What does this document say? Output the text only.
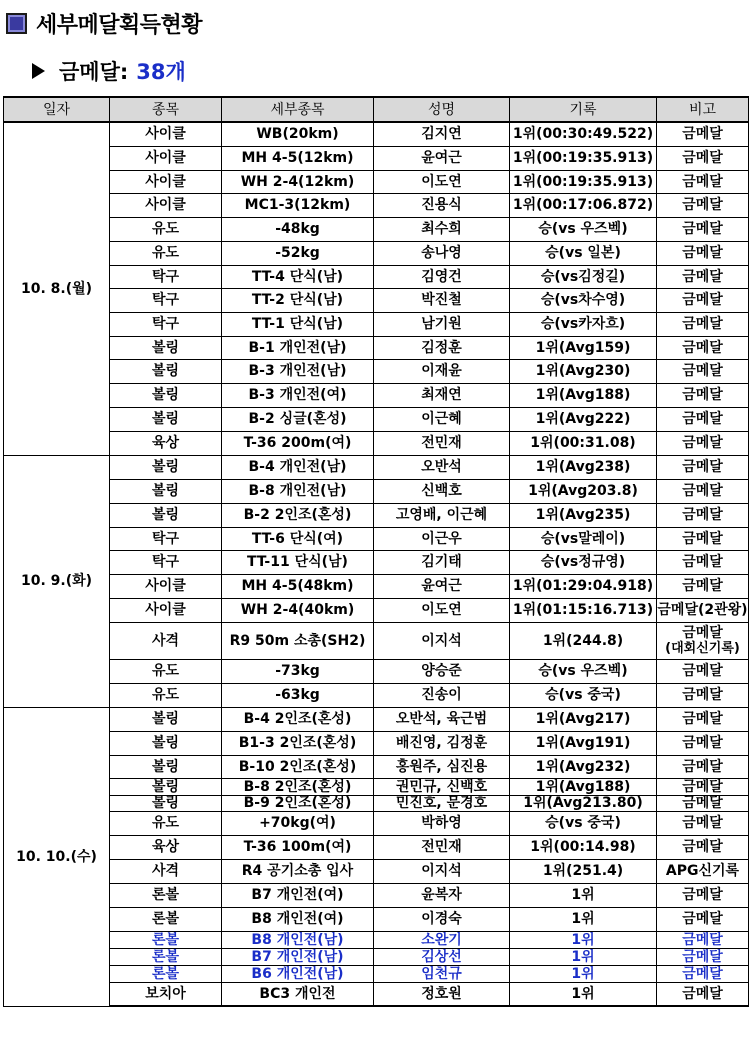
세부메달획득현황
금메달: 38개
일자	종목	세부종목	성명	기록	비고
10. 8.(월)	사이클	WB(20km)	김지연	1위(00:30:49.522)	금메달
	사이클	MH 4-5(12km)	윤여근	1위(00:19:35.913)	금메달
	사이클	WH 2-4(12km)	이도연	1위(00:19:35.913)	금메달
	사이클	MC1-3(12km)	진용식	1위(00:17:06.872)	금메달
	유도	-48kg	최수희	승(vs 우즈벡)	금메달
	유도	-52kg	송나영	승(vs 일본)	금메달
	탁구	TT-4 단식(남)	김영건	승(vs김정길)	금메달
	탁구	TT-2 단식(남)	박진철	승(vs차수영)	금메달
	탁구	TT-1 단식(남)	남기원	승(vs카자흐)	금메달
	볼링	B-1 개인전(남)	김정훈	1위(Avg159)	금메달
	볼링	B-3 개인전(남)	이재윤	1위(Avg230)	금메달
	볼링	B-3 개인전(여)	최재연	1위(Avg188)	금메달
	볼링	B-2 싱글(혼성)	이근혜	1위(Avg222)	금메달
	육상	T-36 200m(여)	전민재	1위(00:31.08)	금메달
10. 9.(화)	볼링	B-4 개인전(남)	오반석	1위(Avg238)	금메달
	볼링	B-8 개인전(남)	신백호	1위(Avg203.8)	금메달
	볼링	B-2 2인조(혼성)	고영배, 이근혜	1위(Avg235)	금메달
	탁구	TT-6 단식(여)	이근우	승(vs말레이)	금메달
	탁구	TT-11 단식(남)	김기태	승(vs정규영)	금메달
	사이클	MH 4-5(48km)	윤여근	1위(01:29:04.918)	금메달
	사이클	WH 2-4(40km)	이도연	1위(01:15:16.713)	금메달(2관왕)
	사격	R9 50m 소총(SH2)	이지석	1위(244.8)	금메달
(대회신기록)

	유도	-73kg	양승준	승(vs 우즈벡)	금메달
	유도	-63kg	진송이	승(vs 중국)	금메달
10. 10.(수)	볼링	B-4 2인조(혼성)	오반석, 육근범	1위(Avg217)	금메달
	볼링	B1-3 2인조(혼성)	배진영, 김정훈	1위(Avg191)	금메달
	볼링	B-10 2인조(혼성)	홍원주, 심진용	1위(Avg232)	금메달
	볼링	B-8 2인조(혼성)	권민규, 신백호	1위(Avg188)	금메달
	볼링	B-9 2인조(혼성)	민진호, 문경호	1위(Avg213.80)	금메달
	유도	+70kg(여)	박하영	승(vs 중국)	금메달
	육상	T-36 100m(여)	전민재	1위(00:14.98)	금메달
	사격	R4 공기소총 입사	이지석	1위(251.4)	APG신기록
	론볼	B7 개인전(여)	윤복자	1위	금메달
	론볼	B8 개인전(여)	이경숙	1위	금메달
	론볼	B8 개인전(남)	소완기	1위	금메달
	론볼	B7 개인전(남)	김상선	1위	금메달
	론볼	B6 개인전(남)	임천규	1위	금메달
	보치아	BC3 개인전	정호원	1위	금메달
